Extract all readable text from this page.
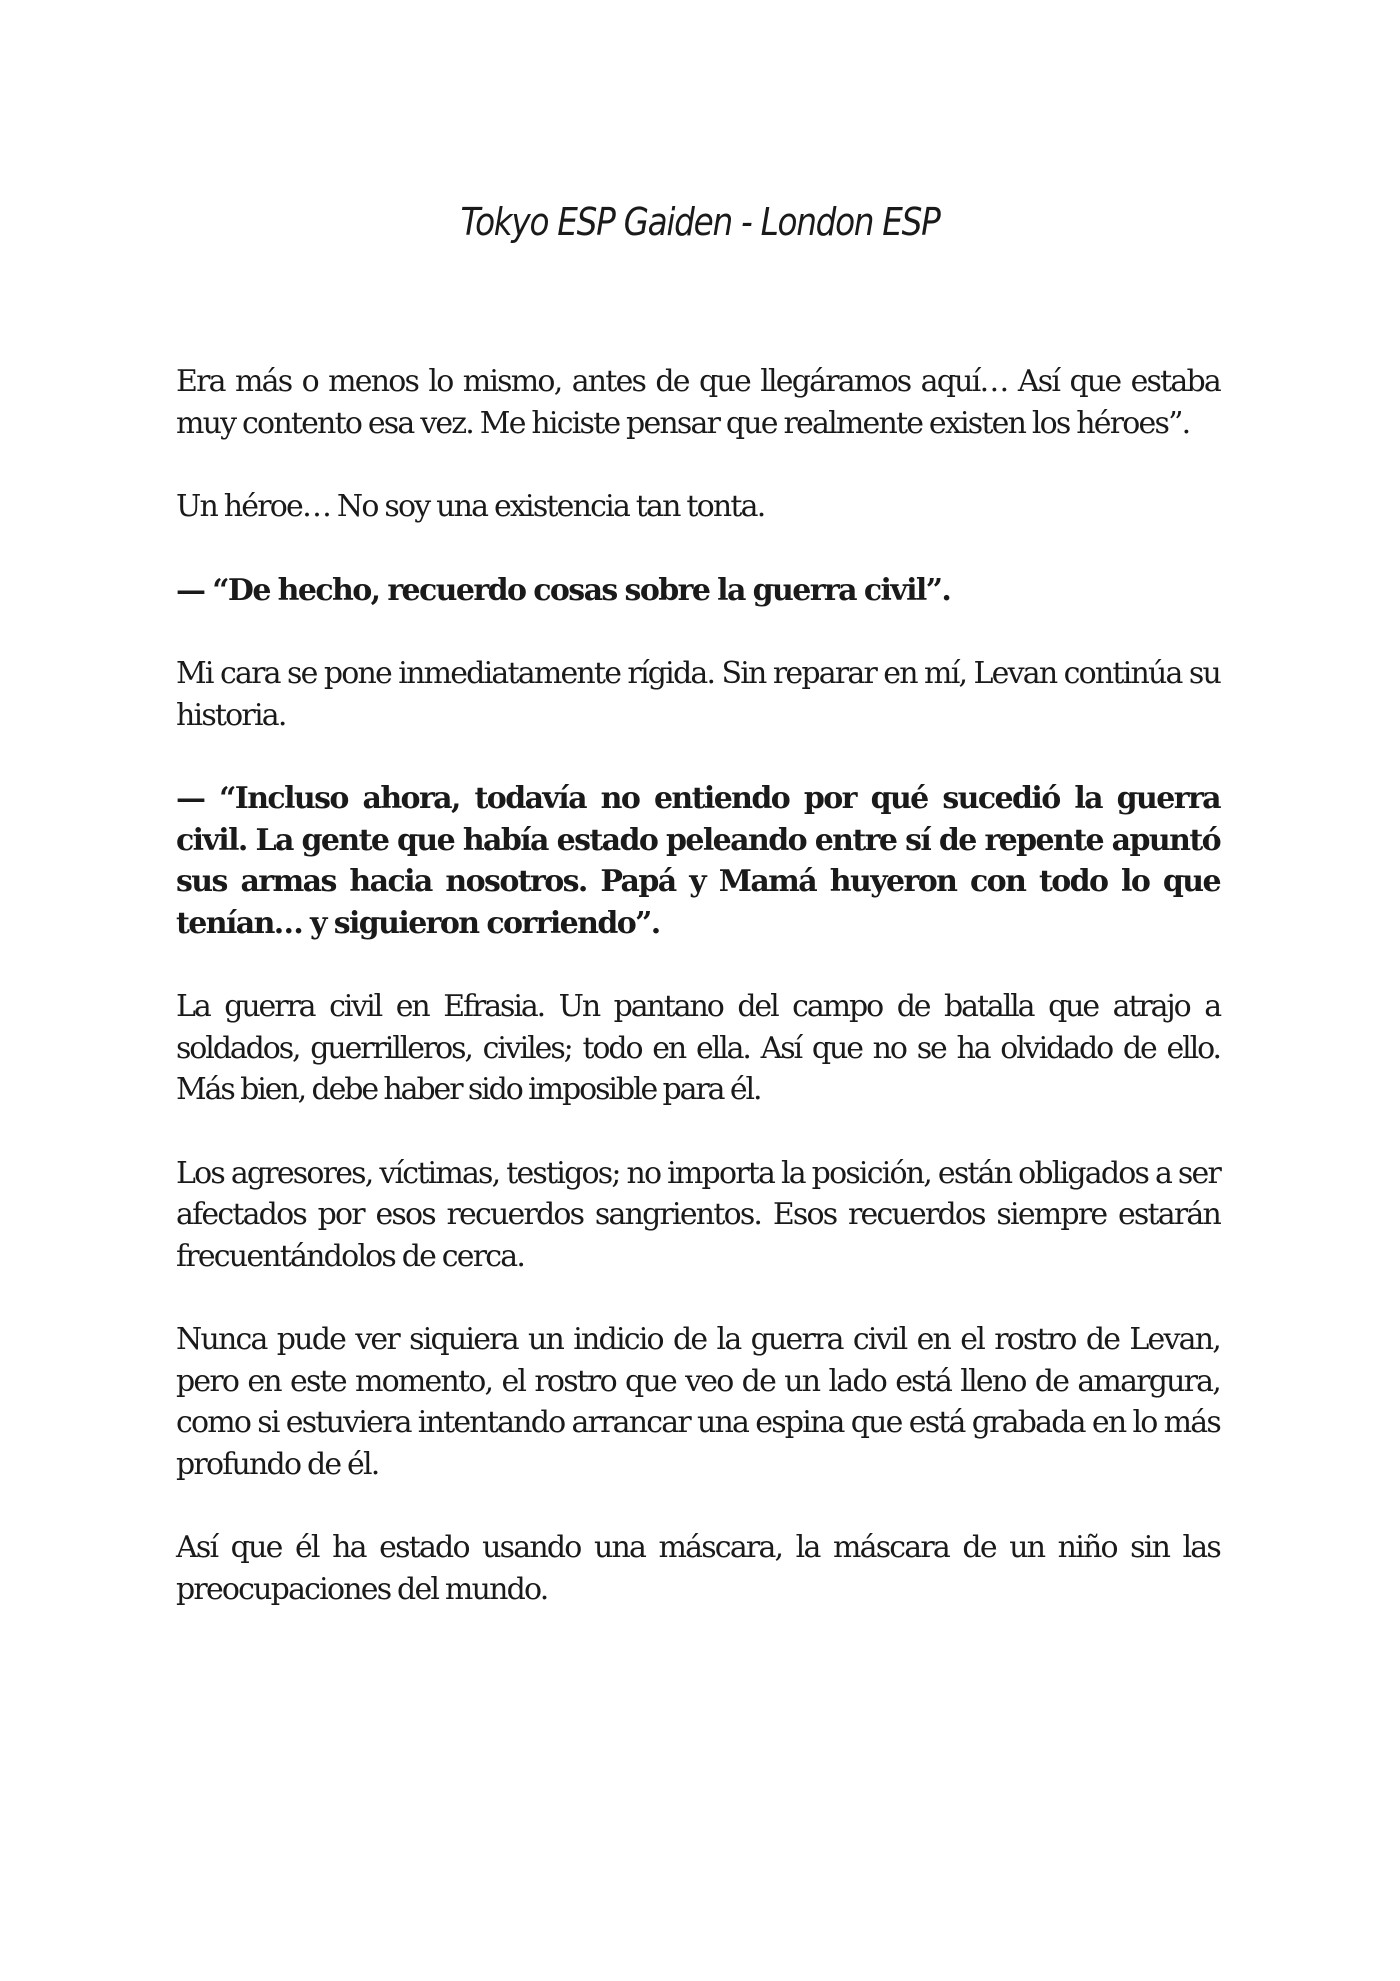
Tokyo ESP Gaiden - London ESP

Era más o menos lo mismo, antes de que llegáramos aquí… Así que estaba muy contento esa vez. Me hiciste pensar que realmente existen los héroes”.

Un héroe… No soy una existencia tan tonta.

— “De hecho, recuerdo cosas sobre la guerra civil”.

Mi cara se pone inmediatamente rígida. Sin reparar en mí, Levan continúa su historia.

— “Incluso ahora, todavía no entiendo por qué sucedió la guerra civil. La gente que había estado peleando entre sí de repente apuntó sus armas hacia nosotros. Papá y Mamá huyeron con todo lo que tenían… y siguieron corriendo”.

La guerra civil en Efrasia. Un pantano del campo de batalla que atrajo a soldados, guerrilleros, civiles; todo en ella. Así que no se ha olvidado de ello. Más bien, debe haber sido imposible para él.

Los agresores, víctimas, testigos; no importa la posición, están obligados a ser afectados por esos recuerdos sangrientos. Esos recuerdos siempre estarán frecuentándolos de cerca.

Nunca pude ver siquiera un indicio de la guerra civil en el rostro de Levan, pero en este momento, el rostro que veo de un lado está lleno de amargura, como si estuviera intentando arrancar una espina que está grabada en lo más profundo de él.

Así que él ha estado usando una máscara, la máscara de un niño sin las preocupaciones del mundo.
